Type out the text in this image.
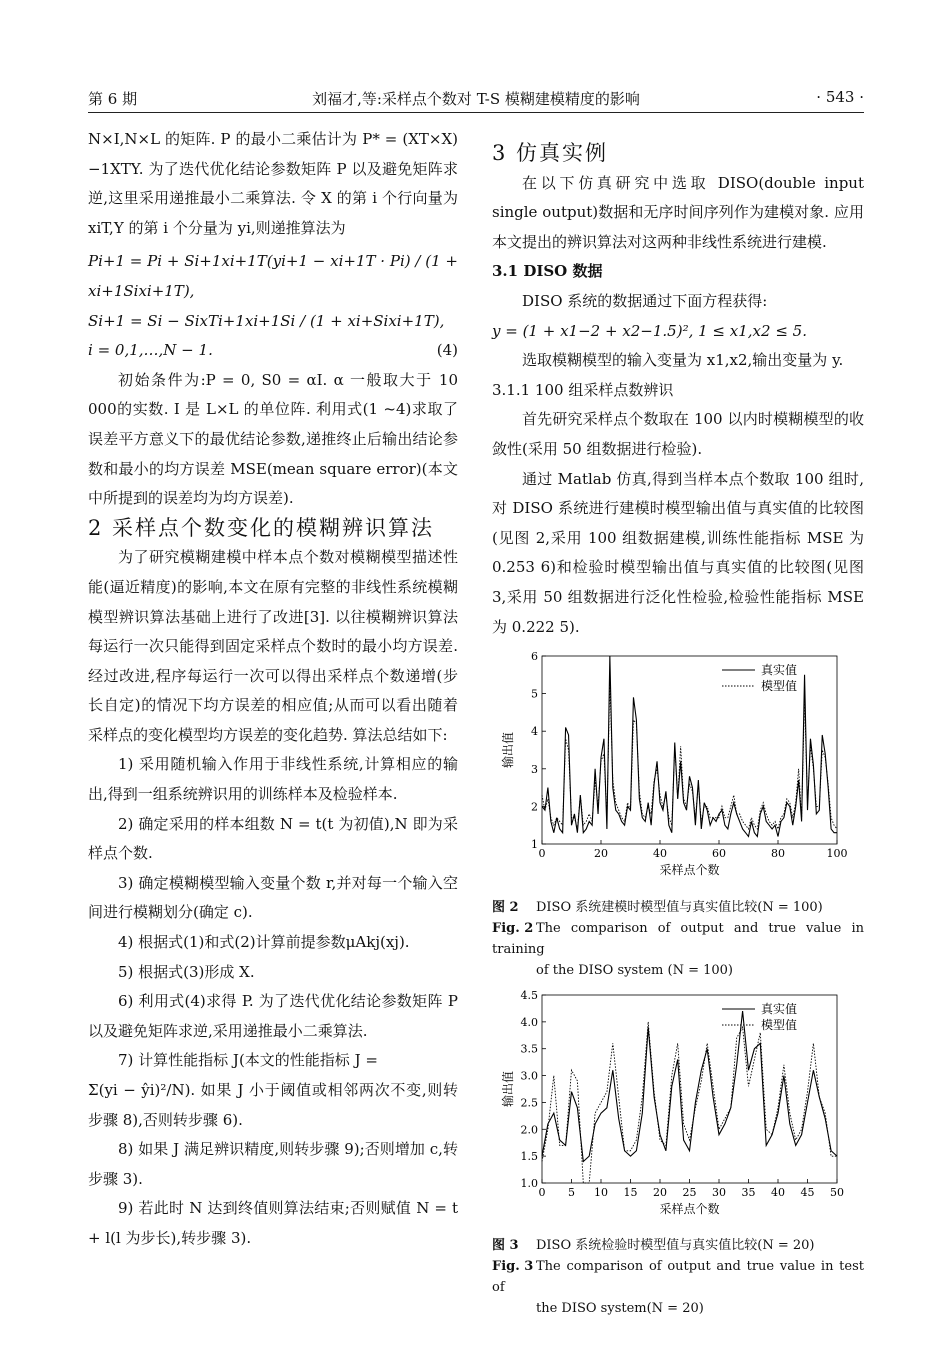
第 6 期	刘福才,等:采样点个数对 T-S 模糊建模精度的影响	· 543 ·

N×I,N×L 的矩阵. P 的最小二乘估计为 P* = (XT×X)−1XTY. 为了迭代优化结论参数矩阵 P 以及避免矩阵求逆,这里采用递推最小二乘算法. 令 X 的第 i 个行向量为 xiT,Y 的第 i 个分量为 yi,则递推算法为

Pi+1 = Pi + Si+1xi+1T(yi+1 − xi+1T · Pi) / (1 + xi+1Sixi+1T),

Si+1 = Si − SixTi+1xi+1Si / (1 + xi+Sixi+1T),

i = 0,1,…,N − 1.	(4)

初始条件为:P = 0, S0 = αI. α 一般取大于 10 000的实数. I 是 L×L 的单位阵. 利用式(1 ~4)求取了误差平方意义下的最优结论参数,递推终止后输出结论参数和最小的均方误差 MSE(mean square error)(本文中所提到的误差均为均方误差).

2 采样点个数变化的模糊辨识算法

为了研究模糊建模中样本点个数对模糊模型描述性能(逼近精度)的影响,本文在原有完整的非线性系统模糊模型辨识算法基础上进行了改进[3]. 以往模糊辨识算法每运行一次只能得到固定采样点个数时的最小均方误差. 经过改进,程序每运行一次可以得出采样点个数递增(步长自定)的情况下均方误差的相应值;从而可以看出随着采样点的变化模型均方误差的变化趋势. 算法总结如下:

1) 采用随机输入作用于非线性系统,计算相应的输出,得到一组系统辨识用的训练样本及检验样本.

2) 确定采用的样本组数 N = t(t 为初值),N 即为采样点个数.

3) 确定模糊模型输入变量个数 r,并对每一个输入空间进行模糊划分(确定 c).

4) 根据式(1)和式(2)计算前提参数μAkj(xj).

5) 根据式(3)形成 X.

6) 利用式(4)求得 P. 为了迭代优化结论参数矩阵 P 以及避免矩阵求逆,采用递推最小二乘算法.

7) 计算性能指标 J(本文的性能指标 J =

Σ(yi − ŷi)²/N). 如果 J 小于阈值或相邻两次不变,则转步骤 8),否则转步骤 6).

8) 如果 J 满足辨识精度,则转步骤 9);否则增加 c,转步骤 3).

9) 若此时 N 达到终值则算法结束;否则赋值 N = t + l(l 为步长),转步骤 3).

3 仿真实例

在以下仿真研究中选取 DISO(double input single output)数据和无序时间序列作为建模对象. 应用本文提出的辨识算法对这两种非线性系统进行建模.

3.1 DISO 数据

DISO 系统的数据通过下面方程获得:

y = (1 + x1−2 + x2−1.5)², 1 ≤ x1,x2 ≤ 5.

选取模糊模型的输入变量为 x1,x2,输出变量为 y.

3.1.1 100 组采样点数辨识

首先研究采样点个数取在 100 以内时模糊模型的收敛性(采用 50 组数据进行检验).

通过 Matlab 仿真,得到当样本点个数取 100 组时,对 DISO 系统进行建模时模型输出值与真实值的比较图(见图 2,采用 100 组数据建模,训练性能指标 MSE 为 0.253 6)和检验时模型输出值与真实值的比较图(见图 3,采用 50 组数据进行泛化性检验,检验性能指标 MSE 为 0.222 5).

0	20	40	60	80	100
1
2
3
4
5
6
采样点个数
输出值
真实值
模型值

图 2 DISO 系统建模时模型值与真实值比较(N = 100)

Fig. 2 The comparison of output and true value in training
of the DISO system (N = 100)

0 5 10 15 20 25 30 35 40 45 50
1.0
1.5
2.0
2.5
3.0
3.5
4.0
4.5
采样点个数
输出值
真实值
模型值

图 3 DISO 系统检验时模型值与真实值比较(N = 20)

Fig. 3 The comparison of output and true value in test of
the DISO system(N = 20)
